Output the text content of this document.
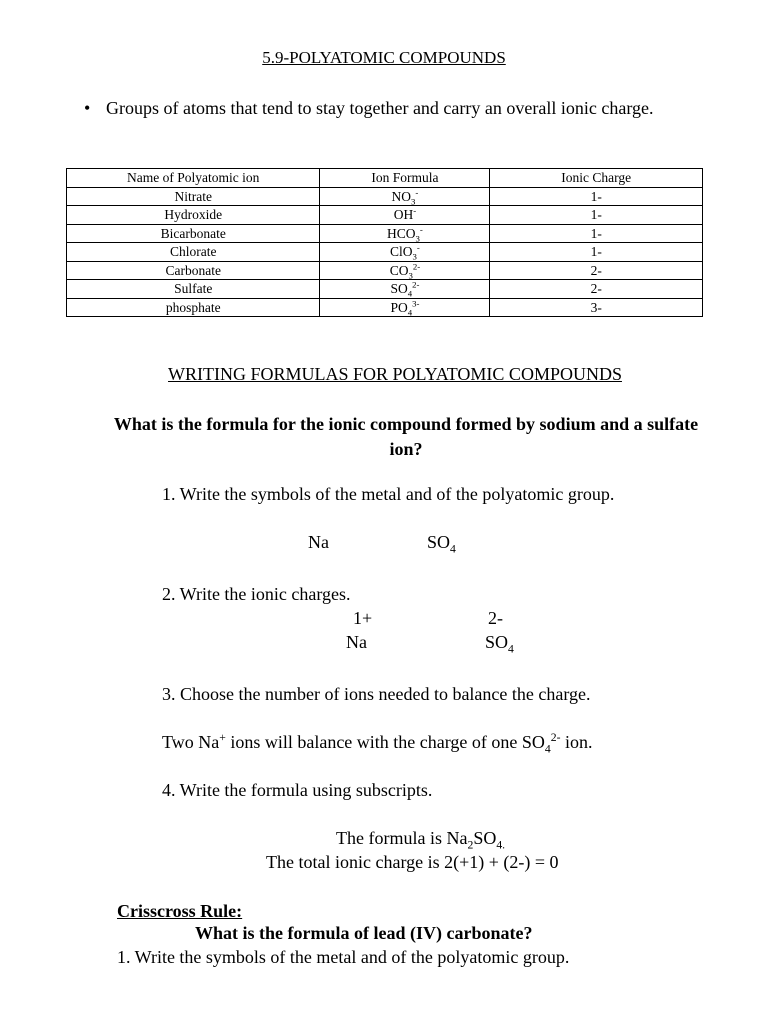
5.9-POLYATOMIC COMPOUNDS
• Groups of atoms that tend to stay together and carry an overall ionic charge.
Name of Polyatomic ion	Ion Formula	Ionic Charge
Nitrate	$NO_3^-$	1-
Hydroxide	OH-	1-
Bicarbonate	$HCO_3^-$	1-
Chlorate	ClO$_3$-	1-
Carbonate	$CO_3^{2-}$	2-
Sulfate	$SO_4^{2-}$	2-
phosphate	$PO_4^{3-}$	3-
WRITING FORMULAS FOR POLYATOMIC COMPOUNDS
What is the formula for the ionic compound formed by sodium and a sulfate ion?
1. Write the symbols of the metal and of the polyatomic group.
Na	$SO_4$
2. Write the ionic charges.
1+	2-
Na	$SO_4$
3. Choose the number of ions needed to balance the charge.
Two Na+ ions will balance with the charge of one $SO_4^{2-}$ ion.
4. Write the formula using subscripts.
The formula is $Na_2SO_{4.}$
The total ionic charge is 2(+1) + (2-) = 0
Crisscross Rule:
What is the formula of lead (IV) carbonate?
1. Write the symbols of the metal and of the polyatomic group.
